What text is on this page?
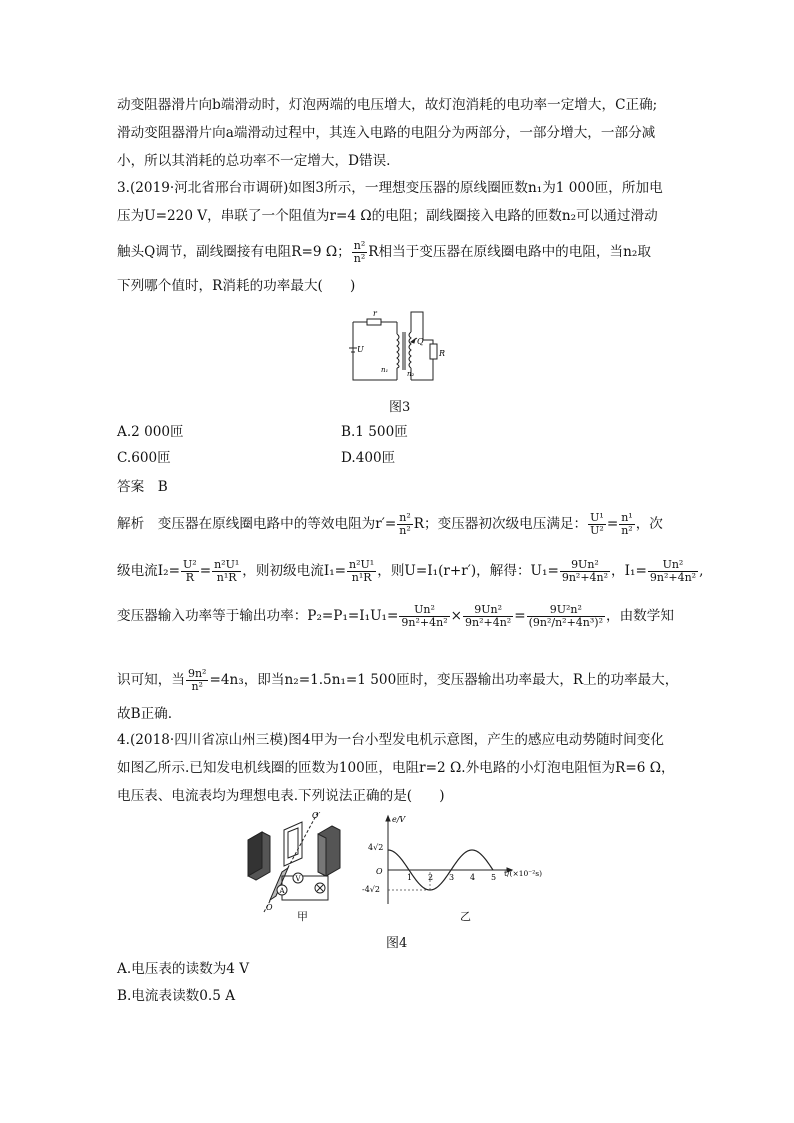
动变阻器滑片向b端滑动时，灯泡两端的电压增大，故灯泡消耗的电功率一定增大，C正确;
滑动变阻器滑片向a端滑动过程中，其连入电路的电阻分为两部分，一部分增大，一部分减
小，所以其消耗的总功率不一定增大，D错误.
3.(2019·河北省邢台市调研)如图3所示，一理想变压器的原线圈匝数n₁为1 000匝，所加电
压为U=220 V，串联了一个阻值为r=4 Ω的电阻；副线圈接入电路的匝数n₂可以通过滑动
触头Q调节，副线圈接有电阻R=9 Ω； $\frac{\text{n²}}{\text{n²}}$ R相当于变压器在原线圈电路中的电阻，当n₂取
下列哪个值时，R消耗的功率最大(　　)
r
U
Q
R
n₁	n₂
图3
A.2 000匝	B.1 500匝
C.600匝	D.400匝
答案　B
解析　变压器在原线圈电路中的等效电阻为$r'= \frac{\text{n²}}{\text{n²}}$ R；变压器初次级电压满足： $\frac{\text{U¹}}{\text{U²}} = \frac{\text{n¹}}{\text{n²}}$ ，次
级电流$I_2= \frac{\text{U²}}{R} = \frac{\text{n²U¹}}{\text{n¹R}}$ ，则初级电流$I_1= \frac{\text{n²U¹}}{\text{n¹R}}$ ，则U=I₁(r+r′)，解得：$U_1= \frac{\text{9Un²}}{\text{9n²+4n²}}$ ，$I_1= \frac{\text{Un²}}{\text{9n²+4n²}}$ ,
变压器输入功率等于输出功率：$P_2=P_1=I_1U_1= \frac{\text{Un²}}{\text{9n²+4n²}} \times \frac{\text{9Un²}}{\text{9n²+4n²}} = \frac{\text{9U²n²}}{\text{(9n²/n²+4n³)²}}$ ，由数学知
识可知，当 $\frac{\text{9n²}}{\text{n²}} =4n_3$，即当n₂=1.5n₁=1 500匝时，变压器输出功率最大，R上的功率最大，
故B正确.
4.(2018·四川省凉山州三模)图4甲为一台小型发电机示意图，产生的感应电动势随时间变化
如图乙所示.已知发电机线圈的匝数为100匝，电阻r=2 Ω.外电路的小灯泡电阻恒为R=6 Ω，
电压表、电流表均为理想电表.下列说法正确的是(　　)
V
A
O′
O
甲
1 2 3 4 5
e/V
4√2
-4√2
O	t/(×10⁻²s)
乙
图4
A.电压表的读数为4 V
B.电流表读数0.5 A
